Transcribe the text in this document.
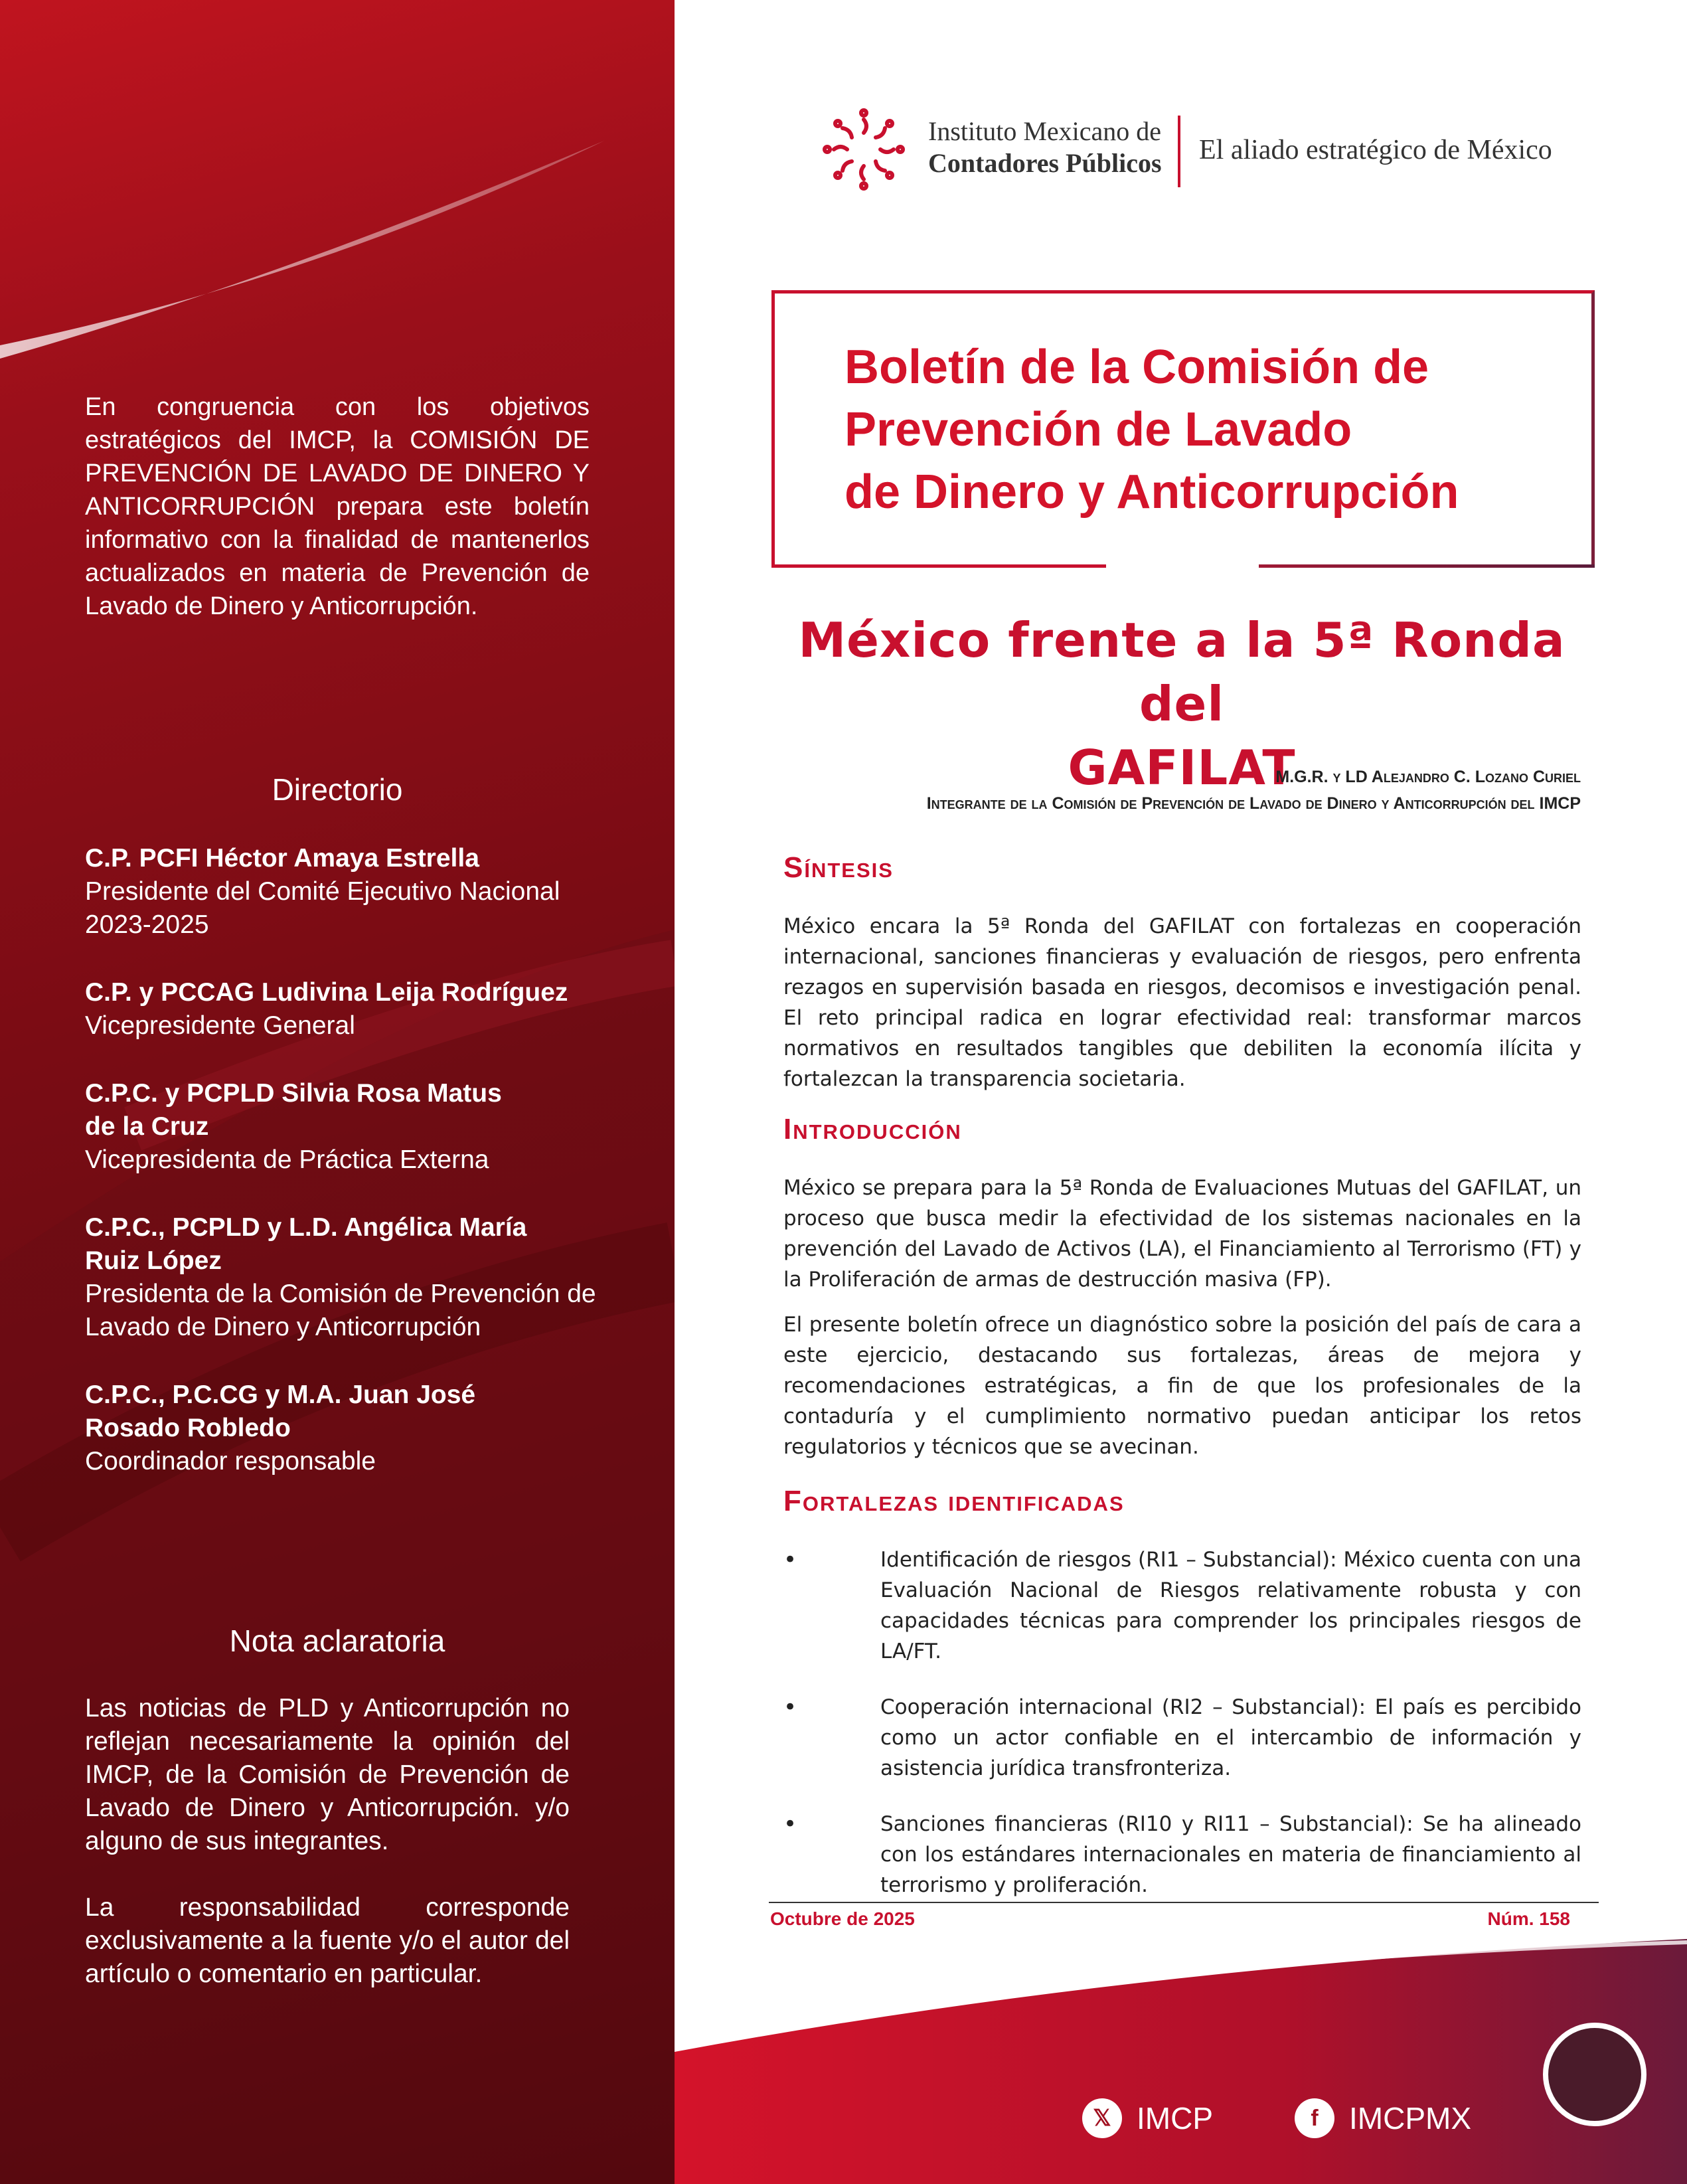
En congruencia con los objetivos estratégicos del IMCP, la COMISIÓN DE PREVENCIÓN DE LAVADO DE DINERO Y ANTICORRUPCIÓN prepara este boletín informativo con la finalidad de mantenerlos actualizados en materia de Prevención de Lavado de Dinero y Anticorrupción.
Directorio
C.P. PCFI Héctor Amaya Estrella
Presidente del Comité Ejecutivo Nacional 2023-2025
C.P. y PCCAG Ludivina Leija Rodríguez
Vicepresidente General
C.P.C. y PCPLD Silvia Rosa Matus de la Cruz
Vicepresidenta de Práctica Externa
C.P.C., PCPLD y L.D. Angélica María Ruiz López
Presidenta de la Comisión de Prevención de Lavado de Dinero y Anticorrupción
C.P.C., P.C.CG y M.A. Juan José Rosado Robledo
Coordinador responsable
Nota aclaratoria

Las noticias de PLD y Anticorrupción no reflejan necesariamente la opinión del IMCP, de la Comisión de Prevención de Lavado de Dinero y Anticorrupción. y/o alguno de sus integrantes.

La responsabilidad corresponde exclusivamente a la fuente y/o el autor del artículo o comentario en particular.

Instituto Mexicano de
Contadores Públicos El aliado estratégico de México
Boletín de la Comisión de
Prevención de Lavado
de Dinero y Anticorrupción
México frente a la 5ª Ronda del
GAFILAT
M.G.R. y LD Alejandro C. Lozano Curiel
Integrante de la Comisión de Prevención de Lavado de Dinero y Anticorrupción del IMCP
Síntesis

México encara la 5ª Ronda del GAFILAT con fortalezas en cooperación internacional, sanciones financieras y evaluación de riesgos, pero enfrenta rezagos en supervisión basada en riesgos, decomisos e investigación penal. El reto principal radica en lograr efectividad real: transformar marcos normativos en resultados tangibles que debiliten la economía ilícita y fortalezcan la transparencia societaria.

Introducción

México se prepara para la 5ª Ronda de Evaluaciones Mutuas del GAFILAT, un proceso que busca medir la efectividad de los sistemas nacionales en la prevención del Lavado de Activos (LA), el Financiamiento al Terrorismo (FT) y la Proliferación de armas de destrucción masiva (FP).

El presente boletín ofrece un diagnóstico sobre la posición del país de cara a este ejercicio, destacando sus fortalezas, áreas de mejora y recomendaciones estratégicas, a fin de que los profesionales de la contaduría y el cumplimiento normativo puedan anticipar los retos regulatorios y técnicos que se avecinan.

Fortalezas identificadas
•	Identificación de riesgos (RI1 – Substancial): México cuenta con una Evaluación Nacional de Riesgos relativamente robusta y con capacidades técnicas para comprender los principales riesgos de LA/FT.
•	Cooperación internacional (RI2 – Substancial): El país es percibido como un actor confiable en el intercambio de información y asistencia jurídica transfronteriza.
•	Sanciones financieras (RI10 y RI11 – Substancial): Se ha alineado con los estándares internacionales en materia de financiamiento al terrorismo y proliferación.
Octubre de 2025	Núm. 158
𝕏 IMCP	f	IMCPMX
